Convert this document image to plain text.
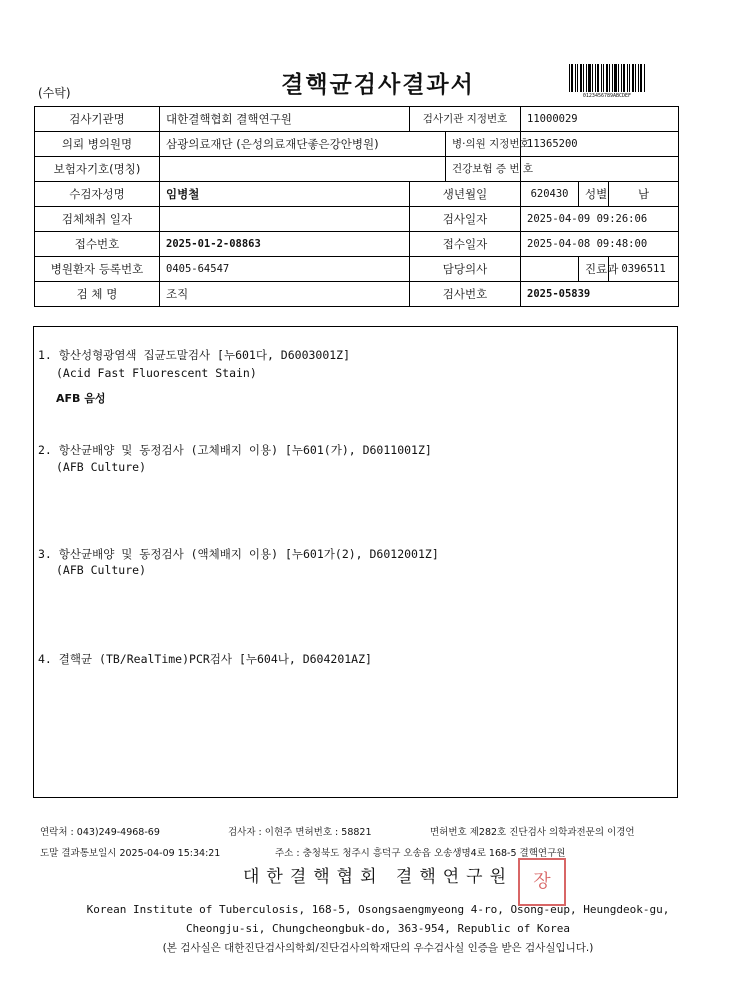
(수탁)	결핵균검사결과서	0123456789ABCDEF
검사기관명	대한결핵협회 결핵연구원	검사기관 지정번호		11000029		
의뢰 병의원명	삼광의료재단 (은성의료재단좋은강안병원)		병·의원 지정번호	11365200		
보험자기호(명칭)			건강보험 증 번 호			
수검자성명	임병철	생년월일		620430	성별	남
검체채취 일자		검사일자		2025-04-09 09:26:06		
접수번호	2025-01-2-08863	접수일자		2025-04-08 09:48:00		
병원환자 등록번호	0405-64547	담당의사			진료과	0396511
검 체 명	조직	검사번호		2025-05839		
1. 항산성형광염색 집균도말검사 [누601다, D6003001Z]
(Acid Fast Fluorescent Stain)
AFB 음성
2. 항산균배양 및 동정검사 (고체배지 이용) [누601(가), D6011001Z]
(AFB Culture)
3. 항산균배양 및 동정검사 (액체배지 이용) [누601가(2), D6012001Z]
(AFB Culture)
4. 결핵균 (TB/RealTime)PCR검사 [누604나, D604201AZ]
연락처 : 043)249-4968-69	검사자 : 이현주 면허번호 : 58821	면허번호 제282호 진단검사 의학과전문의 이경언
도말 결과통보일시 2025-04-09 15:34:21	주소 : 충청북도 청주시 흥덕구 오송읍 오송생명4로 168-5 결핵연구원
대한결핵협회 결핵연구원	장
Korean Institute of Tuberculosis, 168-5, Osongsaengmyeong 4-ro, Osong-eup, Heungdeok-gu,
Cheongju-si, Chungcheongbuk-do, 363-954, Republic of Korea
(본 검사실은 대한진단검사의학회/진단검사의학재단의 우수검사실 인증을 받은 검사실입니다.)
